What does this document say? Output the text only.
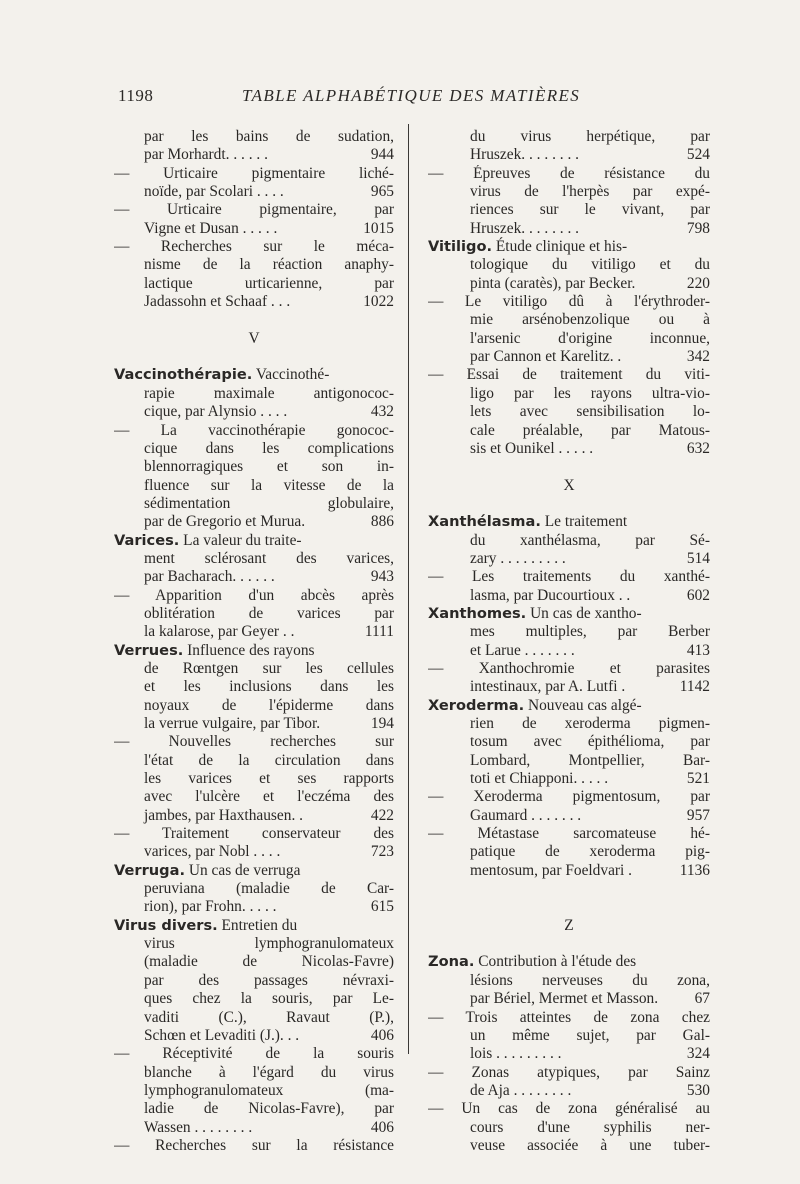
1198	TABLE ALPHABÉTIQUE DES MATIÈRES
par les bains de sudation,
par Morhardt. . . . . .	944
— Urticaire pigmentaire liché-
noïde, par Scolari . . . .	965
— Urticaire pigmentaire, par
Vigne et Dusan . . . . .	1015
— Recherches sur le méca-
nisme de la réaction anaphy-
lactique urticarienne, par
Jadassohn et Schaaf . . .	1022
V
Vaccinothérapie. Vaccinothé-
rapie maximale antigonococ-
cique, par Alynsio . . . .	432
— La vaccinothérapie gonococ-
cique dans les complications
blennorragiques et son in-
fluence sur la vitesse de la
sédimentation globulaire,
par de Gregorio et Murua.	886
Varices. La valeur du traite-
ment sclérosant des varices,
par Bacharach. . . . . .	943
— Apparition d'un abcès après
oblitération de varices par
la kalarose, par Geyer . .	1111
Verrues. Influence des rayons
de Rœntgen sur les cellules
et les inclusions dans les
noyaux de l'épiderme dans
la verrue vulgaire, par Tibor.	194
— Nouvelles recherches sur
l'état de la circulation dans
les varices et ses rapports
avec l'ulcère et l'eczéma des
jambes, par Haxthausen. .	422
— Traitement conservateur des
varices, par Nobl . . . .	723
Verruga. Un cas de verruga
peruviana (maladie de Car-
rion), par Frohn. . . . .	615
Virus divers. Entretien du
virus lymphogranulomateux
(maladie de Nicolas-Favre)
par des passages névraxi-
ques chez la souris, par Le-
vaditi (C.), Ravaut (P.),
Schœn et Levaditi (J.). . .	406
— Réceptivité de la souris
blanche à l'égard du virus
lymphogranulomateux (ma-
ladie de Nicolas-Favre), par
Wassen . . . . . . . .	406
— Recherches sur la résistance
du virus herpétique, par
Hruszek. . . . . . . .	524
— Épreuves de résistance du
virus de l'herpès par expé-
riences sur le vivant, par
Hruszek. . . . . . . .	798
Vitiligo. Étude clinique et his-
tologique du vitiligo et du
pinta (caratès), par Becker.	220
— Le vitiligo dû à l'érythroder-
mie arsénobenzolique ou à
l'arsenic d'origine inconnue,
par Cannon et Karelitz. .	342
— Essai de traitement du viti-
ligo par les rayons ultra-vio-
lets avec sensibilisation lo-
cale préalable, par Matous-
sis et Ounikel . . . . .	632
X
Xanthélasma. Le traitement
du xanthélasma, par Sé-
zary . . . . . . . . .	514
— Les traitements du xanthé-
lasma, par Ducourtioux . .	602
Xanthomes. Un cas de xantho-
mes multiples, par Berber
et Larue . . . . . . .	413
— Xanthochromie et parasites
intestinaux, par A. Lutfi .	1142
Xeroderma. Nouveau cas algé-
rien de xeroderma pigmen-
tosum avec épithélioma, par
Lombard, Montpellier, Bar-
toti et Chiapponi. . . . .	521
— Xeroderma pigmentosum, par
Gaumard . . . . . . .	957
— Métastase sarcomateuse hé-
patique de xeroderma pig-
mentosum, par Foeldvari .	1136
Z
Zona. Contribution à l'étude des
lésions nerveuses du zona,
par Bériel, Mermet et Masson. 67
— Trois atteintes de zona chez
un même sujet, par Gal-
lois . . . . . . . . .	324
— Zonas atypiques, par Sainz
de Aja . . . . . . . .	530
— Un cas de zona généralisé au
cours d'une syphilis ner-
veuse associée à une tuber-
